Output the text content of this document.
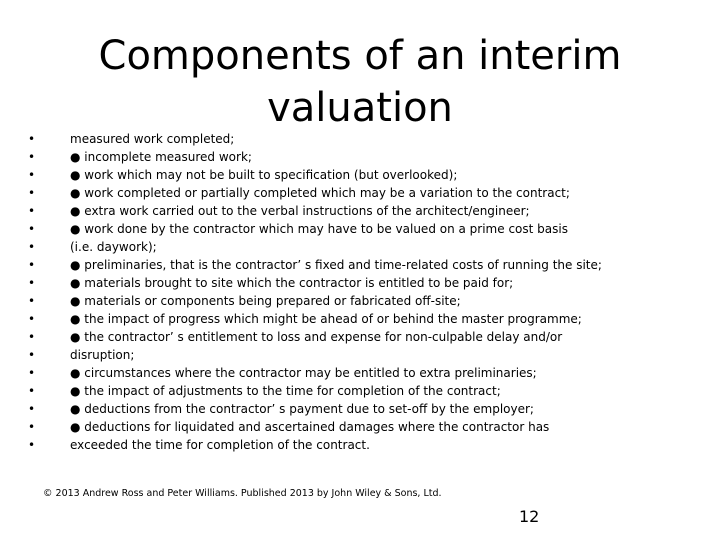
Components of an interim
valuation
•	measured work completed;
•	● incomplete measured work;
•	● work which may not be built to specification (but overlooked);
•	● work completed or partially completed which may be a variation to the contract;
•	● extra work carried out to the verbal instructions of the architect/engineer;
•	● work done by the contractor which may have to be valued on a prime cost basis
•	(i.e. daywork);
•	● preliminaries, that is the contractor’ s fixed and time-related costs of running the site;
•	● materials brought to site which the contractor is entitled to be paid for;
•	● materials or components being prepared or fabricated off-site;
•	● the impact of progress which might be ahead of or behind the master programme;
•	● the contractor’ s entitlement to loss and expense for non-culpable delay and/or
•	disruption;
•	● circumstances where the contractor may be entitled to extra preliminaries;
•	● the impact of adjustments to the time for completion of the contract;
•	● deductions from the contractor’ s payment due to set-off by the employer;
•	● deductions for liquidated and ascertained damages where the contractor has
•	exceeded the time for completion of the contract.
© 2013 Andrew Ross and Peter Williams. Published 2013 by John Wiley & Sons, Ltd.
12
